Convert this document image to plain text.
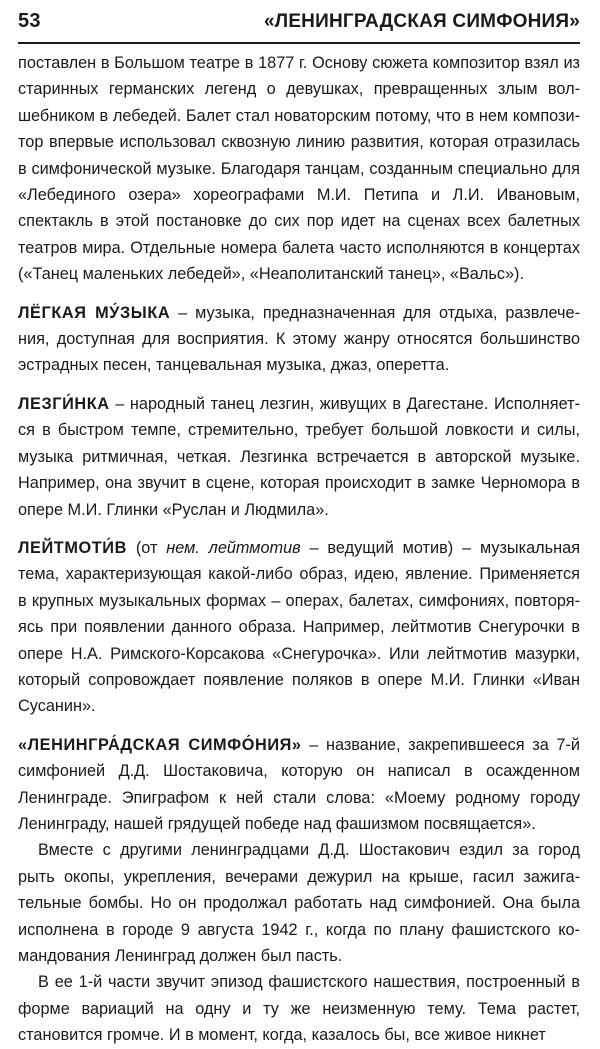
53	«ЛЕНИНГРАДСКАЯ СИМФОНИЯ»

поставлен в Большом театре в 1877 г. Основу сюжета композитор взял из старинных германских легенд о девушках, превращенных злым волшебником в лебедей. Балет стал новаторским потому, что в нем композитор впервые использовал сквозную линию развития, которая отразилась в симфонической музыке. Благодаря танцам, созданным специально для «Лебединого озера» хореографами М.И. Петипа и Л.И. Ивановым, спектакль в этой постановке до сих пор идет на сценах всех балетных театров мира. Отдельные номера балета часто исполняются в концертах («Танец маленьких лебедей», «Неаполитанский танец», «Вальс»).

ЛЁГКАЯ МУ́ЗЫКА – музыка, предназначенная для отдыха, развлечения, доступная для восприятия. К этому жанру относятся большинство эстрадных песен, танцевальная музыка, джаз, оперетта.

ЛЕЗГИ́НКА – народный танец лезгин, живущих в Дагестане. Исполняется в быстром темпе, стремительно, требует большой ловкости и силы, музыка ритмичная, четкая. Лезгинка встречается в авторской музыке. Например, она звучит в сцене, которая происходит в замке Черномора в опере М.И. Глинки «Руслан и Людмила».

ЛЕЙТМОТИ́В (от нем. лейтмотив – ведущий мотив) – музыкальная тема, характеризующая какой-либо образ, идею, явление. Применяется в крупных музыкальных формах – операх, балетах, симфониях, повторяясь при появлении данного образа. Например, лейтмотив Снегурочки в опере Н.А. Римского-Корсакова «Снегурочка». Или лейтмотив мазурки, который сопровождает появление поляков в опере М.И. Глинки «Иван Сусанин».

«ЛЕНИНГРА́ДСКАЯ СИМФО́НИЯ» – название, закрепившееся за 7-й симфонией Д.Д. Шостаковича, которую он написал в осажденном Ленинграде. Эпиграфом к ней стали слова: «Моему родному городу Ленинграду, нашей грядущей победе над фашизмом посвящается».

Вместе с другими ленинградцами Д.Д. Шостакович ездил за город рыть окопы, укрепления, вечерами дежурил на крыше, гасил зажигательные бомбы. Но он продолжал работать над симфонией. Она была исполнена в городе 9 августа 1942 г., когда по плану фашистского командования Ленинград должен был пасть.

В ее 1-й части звучит эпизод фашистского нашествия, построенный в форме вариаций на одну и ту же неизменную тему. Тема растет, становится громче. И в момент, когда, казалось бы, все живое никнет
